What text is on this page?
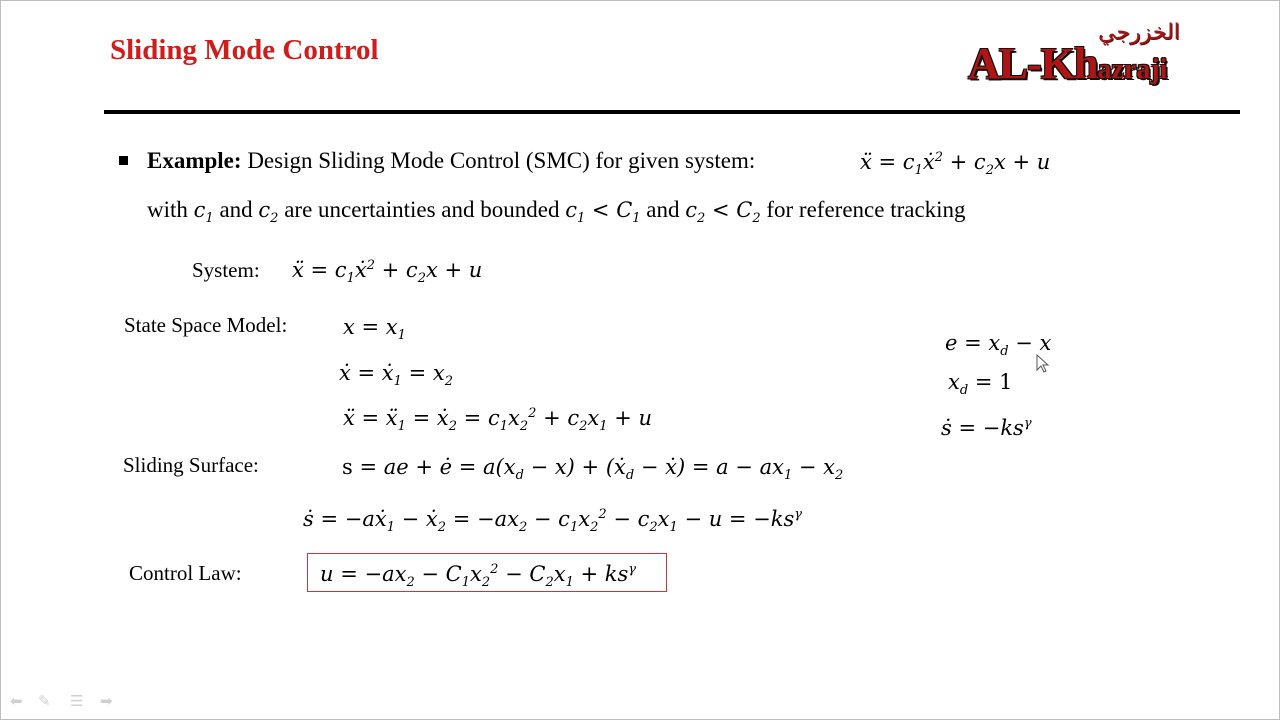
Sliding Mode Control
الخزرجي
AL-Khazraji
Example: Design Sliding Mode Control (SMC) for given system:	ẍ = $c_1ẋ^2 + c_2x + u$
with $c_1$ and $c_2$ are uncertainties and bounded $c_1 < C_1$ and $c_2 < C_2$ for reference tracking
System: ẍ = $c_1ẋ^2 + c_2x + u$
State Space Model:	$x = x_1$
ẋ = ẋ$_1$ = $x_2$
ẍ = ẍ$_1$ = ẋ$_2$ = $c_1x_2^2 + c_2x_1 + u$
Sliding Surface:	s = ae + ė = $a(x_d - x)$ + (ẋ$_d$ − ẋ) = $a - ax_1 - x_2$
ṡ = −aẋ$_1$ − ẋ$_2$ = $-ax_2 - c_1x_2^2 - c_2x_1 - u = -ks^\gamma$
Control Law:	$u = -ax_2 - C_1x_2^2 - C_2x_1 + ks^\gamma$
$e = x_d - x$
$x_d = 1$
ṡ = $-ks^\gamma$
⬅ ✎ ☰ ➡
